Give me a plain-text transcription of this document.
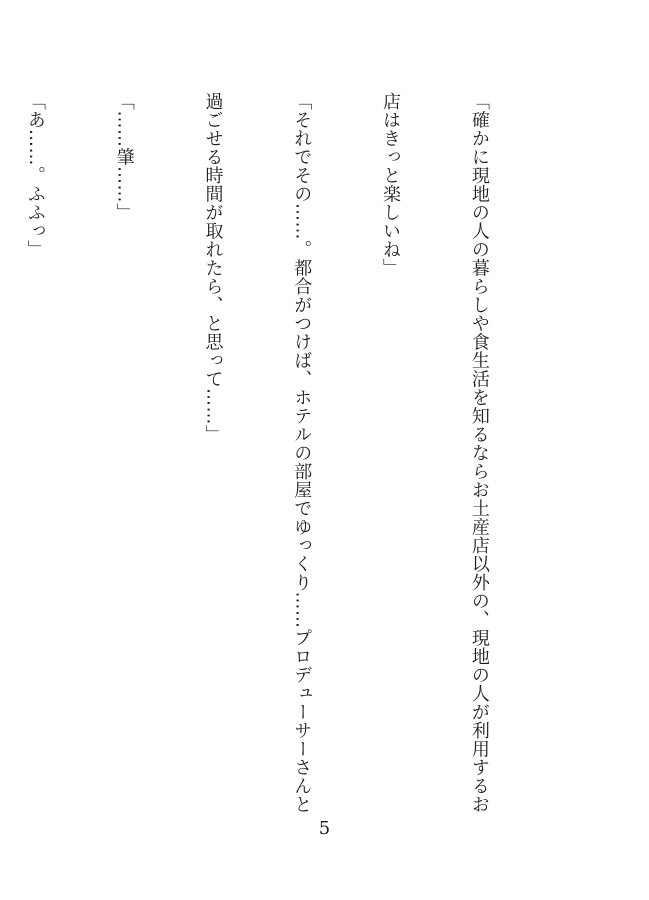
「確かに現地の人の暮らしや食生活を知るならお土産店以外の、現地の人が利用するお

店はきっと楽しいね」

「それでその……。都合がつけば、ホテルの部屋でゆっくり……プロデューサーさんと

過ごせる時間が取れたら、と思って……」

「……肇……」

「あ……。ふふっ」

5
